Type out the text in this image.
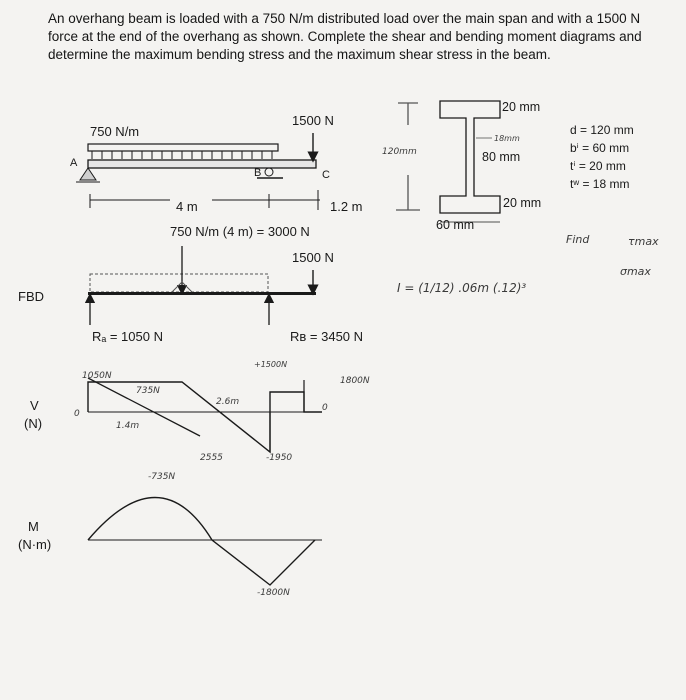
An overhang beam is loaded with a 750 N/m distributed load over the main span and with a 1500 N force at the end of the overhang as shown. Complete the shear and bending moment diagrams and determine the maximum bending stress and the maximum shear stress in the beam.

750 N/m
1500 N
A
B	C
4 m	1.2 m
20 mm
80 mm
20 mm
60 mm
120mm
18mm
d = 120 mm
bⁱ = 60 mm
tⁱ = 20 mm
tʷ = 18 mm
Find	τmax
σmax
I = (1/12) .06m (.12)³
750 N/m (4 m) = 3000 N
1500 N
FBD
Rₐ = 1050 N	Rʙ = 3450 N
V
(N)
0
1050N
735N
2.6m
1.4m
2555	-1950
+1500N
-735N
1800N
0
M
(N·m)
-1800N
